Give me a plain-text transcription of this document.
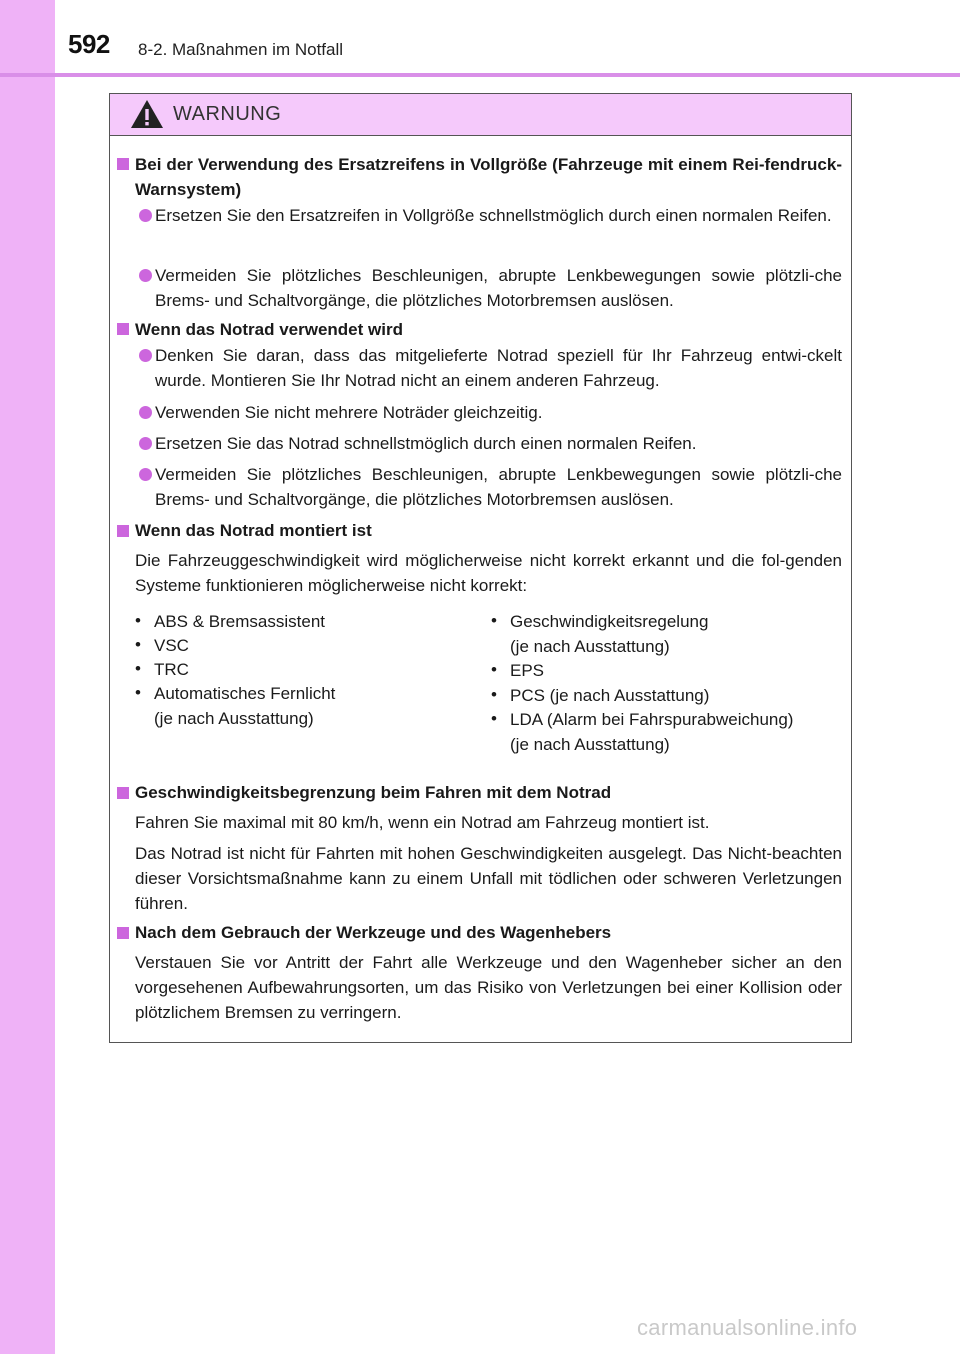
592 8-2. Maßnahmen im Notfall
WARNUNG
Bei der Verwendung des Ersatzreifens in Vollgröße (Fahrzeuge mit einem Rei-fendruck-Warnsystem)
Ersetzen Sie den Ersatzreifen in Vollgröße schnellstmöglich durch einen normalen Reifen.
Vermeiden Sie plötzliches Beschleunigen, abrupte Lenkbewegungen sowie plötzli-che Brems- und Schaltvorgänge, die plötzliches Motorbremsen auslösen.
Wenn das Notrad verwendet wird
Denken Sie daran, dass das mitgelieferte Notrad speziell für Ihr Fahrzeug entwi-ckelt wurde. Montieren Sie Ihr Notrad nicht an einem anderen Fahrzeug.
Verwenden Sie nicht mehrere Noträder gleichzeitig.
Ersetzen Sie das Notrad schnellstmöglich durch einen normalen Reifen.
Vermeiden Sie plötzliches Beschleunigen, abrupte Lenkbewegungen sowie plötzli-che Brems- und Schaltvorgänge, die plötzliches Motorbremsen auslösen.
Wenn das Notrad montiert ist
Die Fahrzeuggeschwindigkeit wird möglicherweise nicht korrekt erkannt und die fol-genden Systeme funktionieren möglicherweise nicht korrekt:
• ABS & Bremsassistent
• VSC
• TRC
• Automatisches Fernlicht
(je nach Ausstattung)
• Geschwindigkeitsregelung
(je nach Ausstattung)
• EPS
• PCS (je nach Ausstattung)
• LDA (Alarm bei Fahrspurabweichung)
(je nach Ausstattung)
Geschwindigkeitsbegrenzung beim Fahren mit dem Notrad
Fahren Sie maximal mit 80 km/h, wenn ein Notrad am Fahrzeug montiert ist.
Das Notrad ist nicht für Fahrten mit hohen Geschwindigkeiten ausgelegt. Das Nicht-beachten dieser Vorsichtsmaßnahme kann zu einem Unfall mit tödlichen oder schweren Verletzungen führen.
Nach dem Gebrauch der Werkzeuge und des Wagenhebers
Verstauen Sie vor Antritt der Fahrt alle Werkzeuge und den Wagenheber sicher an den vorgesehenen Aufbewahrungsorten, um das Risiko von Verletzungen bei einer Kollision oder plötzlichem Bremsen zu verringern.
carmanualsonline.info
